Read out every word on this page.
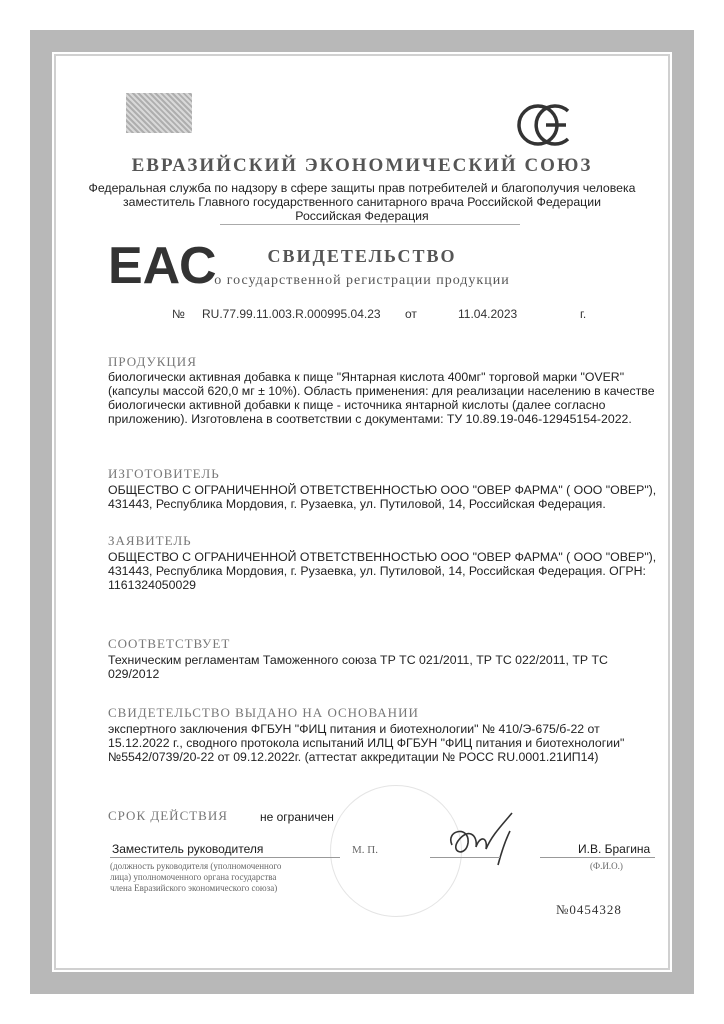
ЕВРАЗИЙСКИЙ ЭКОНОМИЧЕСКИЙ СОЮЗ
Федеральная служба по надзору в сфере защиты прав потребителей и благополучия человека
заместитель Главного государственного санитарного врача Российской Федерации
Российская Федерация
ЕАС	СВИДЕТЕЛЬСТВО
о государственной регистрации продукции
№ RU.77.99.11.003.R.000995.04.23 от	11.04.2023	г.
ПРОДУКЦИЯ
биологически активная добавка к пище "Янтарная кислота 400мг" торговой марки "OVER" (капсулы массой 620,0 мг ± 10%). Область применения: для реализации населению в качестве биологически активной добавки к пище - источника янтарной кислоты (далее согласно приложению). Изготовлена в соответствии с документами: ТУ 10.89.19-046-12945154-2022.
ИЗГОТОВИТЕЛЬ
ОБЩЕСТВО С ОГРАНИЧЕННОЙ ОТВЕТСТВЕННОСТЬЮ ООО "ОВЕР ФАРМА" ( ООО "ОВЕР"), 431443, Республика Мордовия, г. Рузаевка, ул. Путиловой, 14, Российская Федерация.
ЗАЯВИТЕЛЬ
ОБЩЕСТВО С ОГРАНИЧЕННОЙ ОТВЕТСТВЕННОСТЬЮ ООО "ОВЕР ФАРМА" ( ООО "ОВЕР"), 431443, Республика Мордовия, г. Рузаевка, ул. Путиловой, 14, Российская Федерация. ОГРН: 1161324050029
СООТВЕТСТВУЕТ
Техническим регламентам Таможенного союза ТР ТС 021/2011, ТР ТС 022/2011, ТР ТС 029/2012
СВИДЕТЕЛЬСТВО ВЫДАНО НА ОСНОВАНИИ
экспертного заключения ФГБУН "ФИЦ питания и биотехнологии" № 410/Э-675/б-22 от 15.12.2022 г., сводного протокола испытаний ИЛЦ ФГБУН "ФИЦ питания и биотехнологии" №5542/0739/20-22 от 09.12.2022г. (аттестат аккредитации № РОСС RU.0001.21ИП14)
СРОК ДЕЙСТВИЯ	не ограничен
Заместитель руководителя	М. П.	И.В. Брагина
(должность руководителя (уполномоченного
лица) уполномоченного органа государства
члена Евразийского экономического союза)
(Ф.И.О.)
№0454328
